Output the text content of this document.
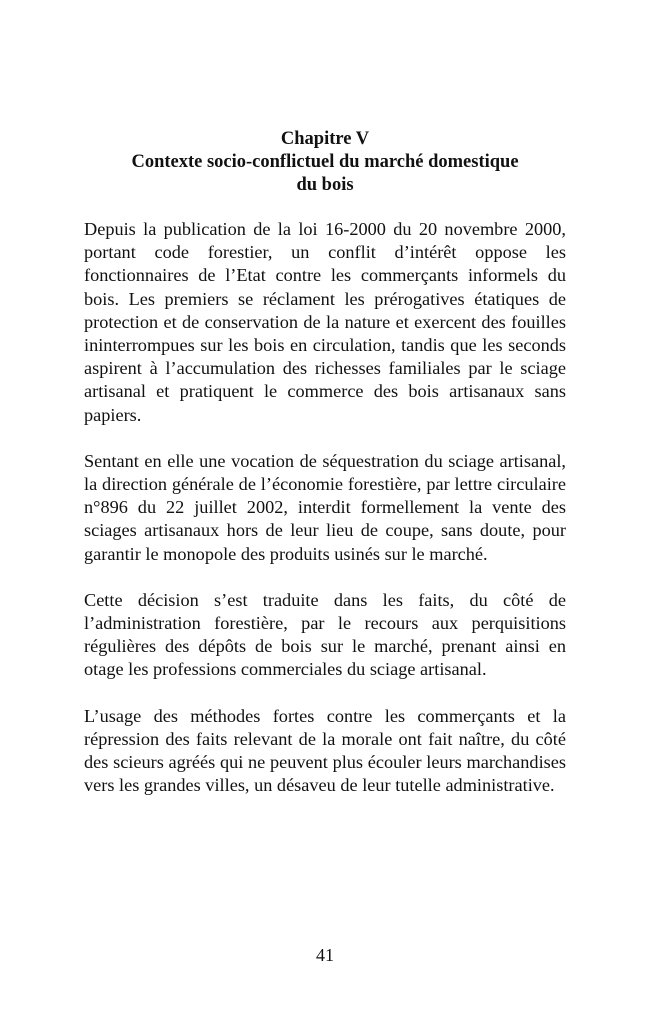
Chapitre V
Contexte socio-conflictuel du marché domestique
du bois

Depuis la publication de la loi 16-2000 du 20 novembre 2000, portant code forestier, un conflit d’intérêt oppose les fonctionnaires de l’Etat contre les commerçants informels du bois. Les premiers se réclament les prérogatives étatiques de protection et de conservation de la nature et exercent des fouilles ininterrompues sur les bois en circulation, tandis que les seconds aspirent à l’accumulation des richesses familiales par le sciage artisanal et pratiquent le commerce des bois artisanaux sans papiers.

Sentant en elle une vocation de séquestration du sciage artisanal, la direction générale de l’économie forestière, par lettre circulaire n°896 du 22 juillet 2002, interdit formellement la vente des sciages artisanaux hors de leur lieu de coupe, sans doute, pour garantir le monopole des produits usinés sur le marché.

Cette décision s’est traduite dans les faits, du côté de l’administration forestière, par le recours aux perquisitions régulières des dépôts de bois sur le marché, prenant ainsi en otage les professions commerciales du sciage artisanal.

L’usage des méthodes fortes contre les commerçants et la répression des faits relevant de la morale ont fait naître, du côté des scieurs agréés qui ne peuvent plus écouler leurs marchandises vers les grandes villes, un désaveu de leur tutelle administrative.

41
